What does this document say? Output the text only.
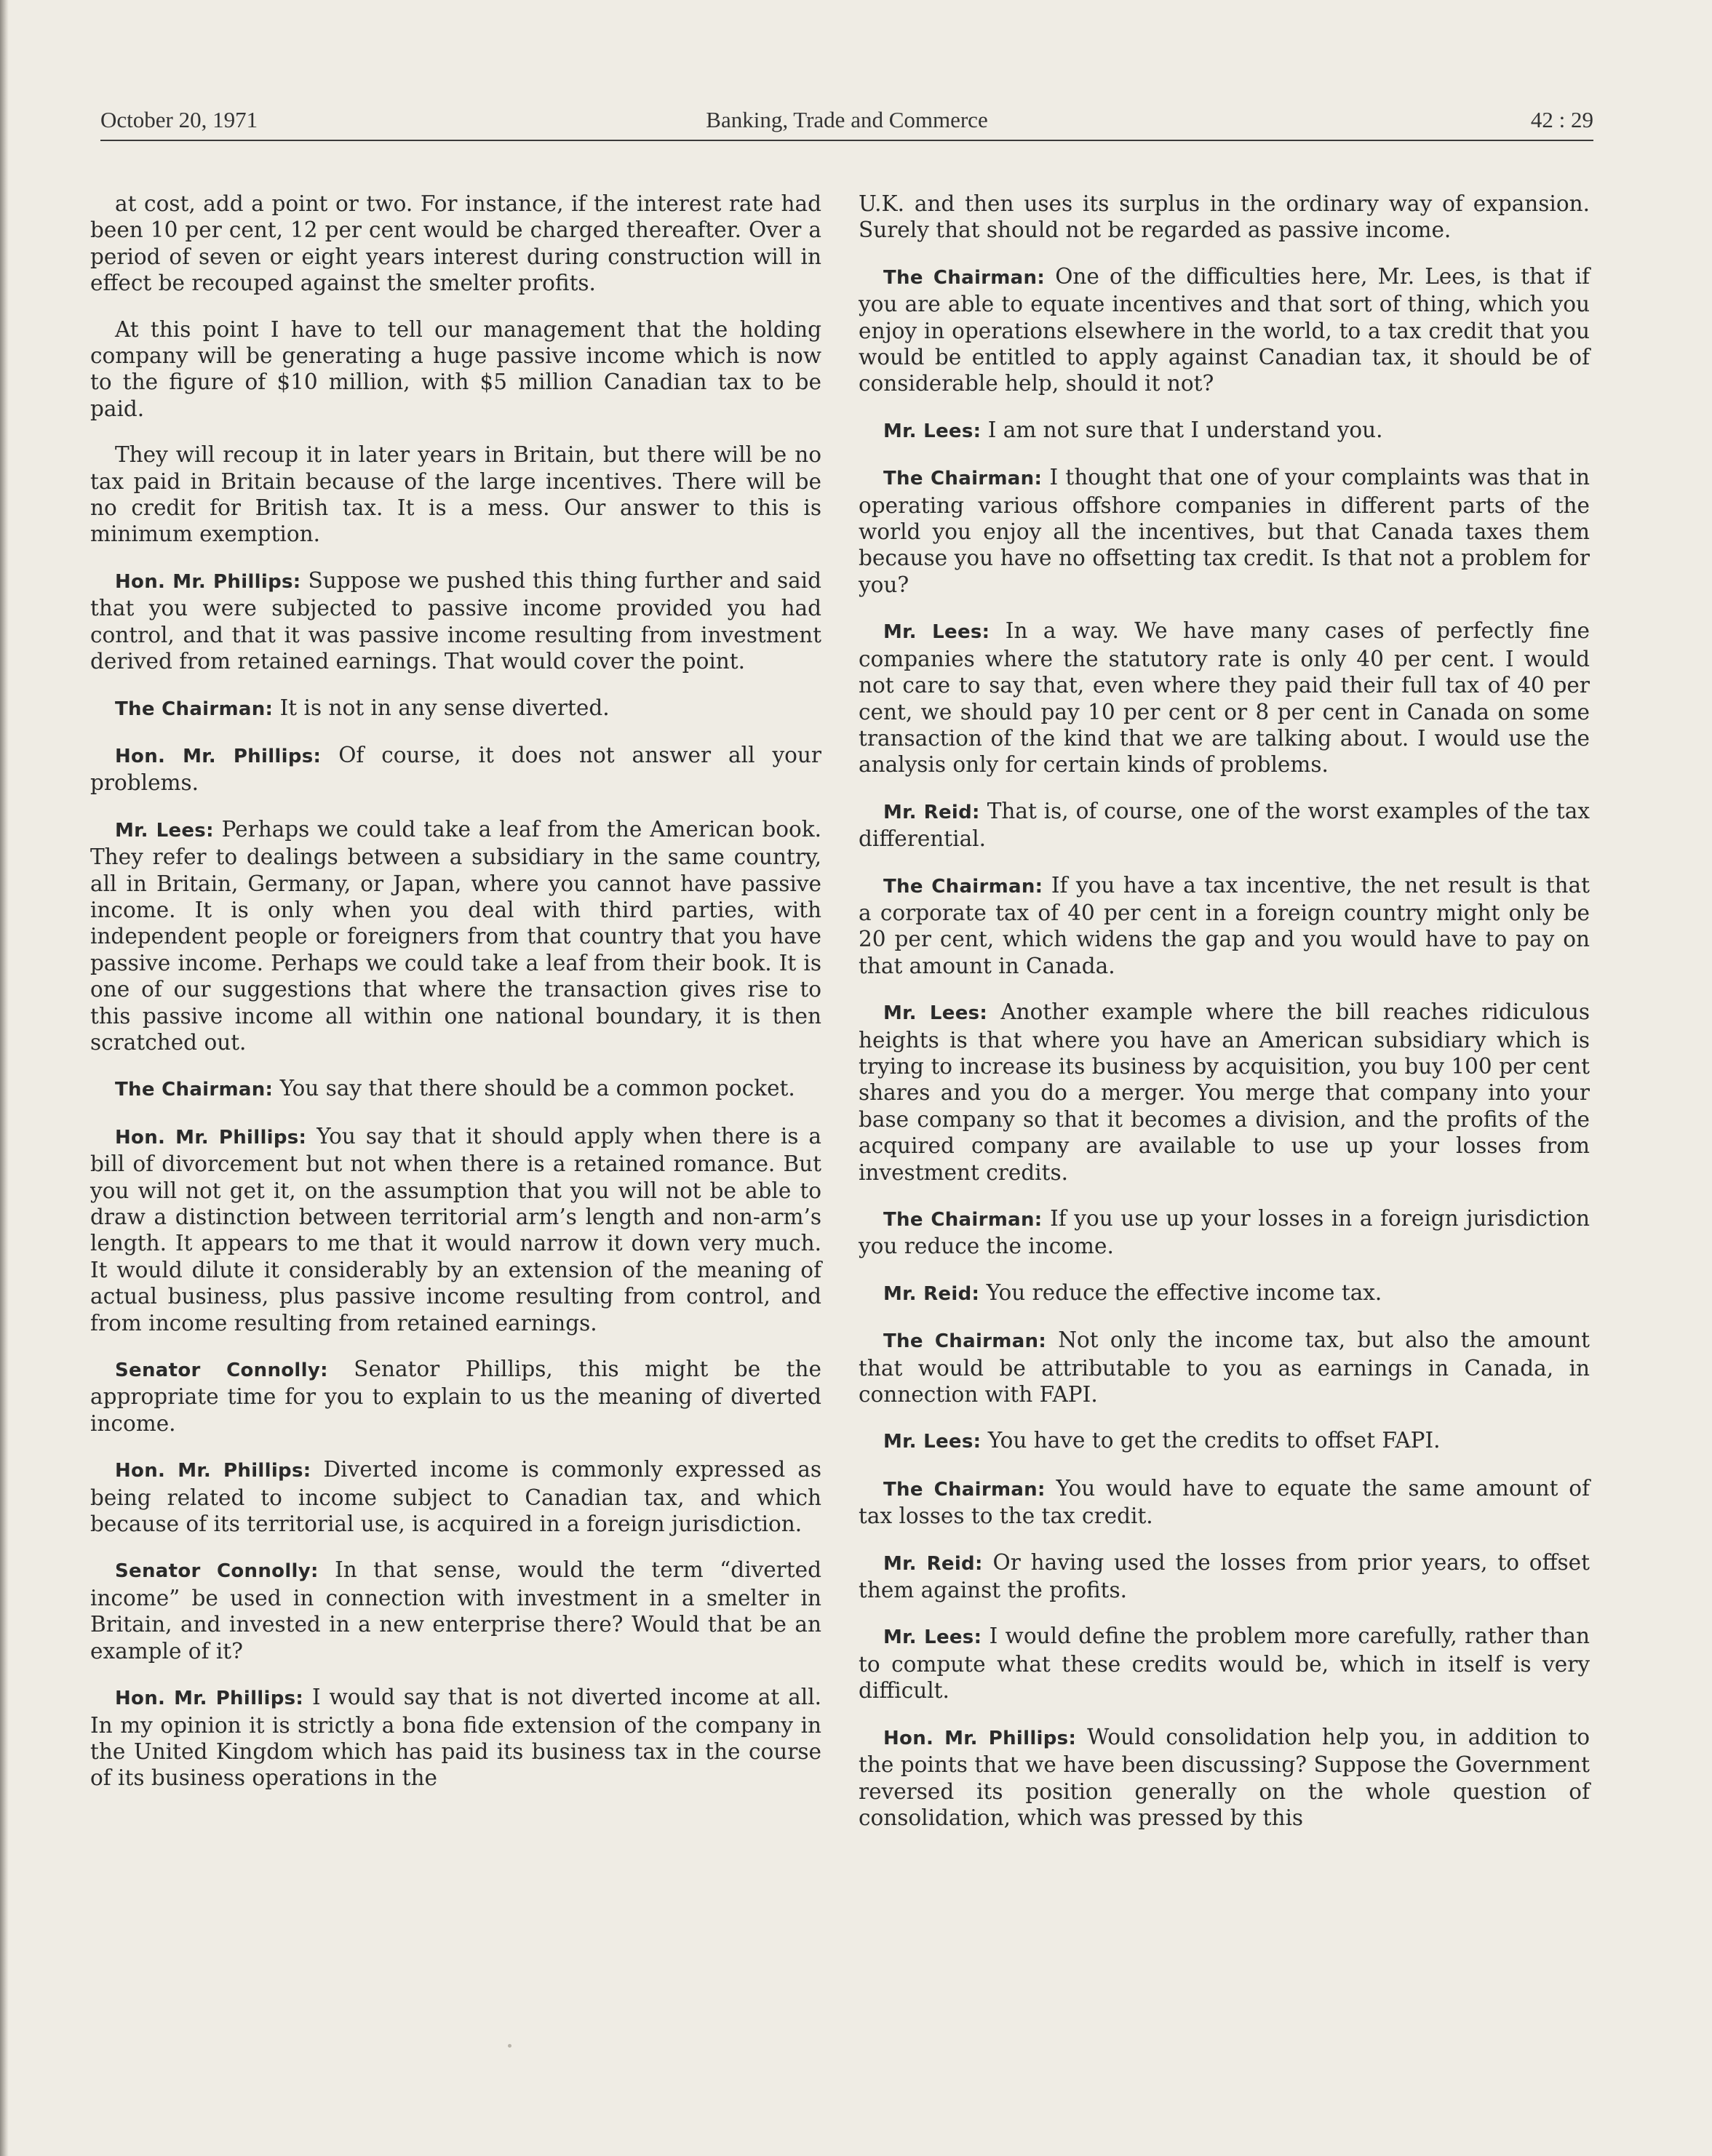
October 20, 1971	Banking, Trade and Commerce	42 : 29

at cost, add a point or two. For instance, if the interest rate had been 10 per cent, 12 per cent would be charged thereafter. Over a period of seven or eight years interest during construction will in effect be recouped against the smelter profits.

At this point I have to tell our management that the holding company will be generating a huge passive income which is now to the figure of $10 million, with $5 million Canadian tax to be paid.

They will recoup it in later years in Britain, but there will be no tax paid in Britain because of the large incentives. There will be no credit for British tax. It is a mess. Our answer to this is minimum exemption.

Hon. Mr. Phillips: Suppose we pushed this thing further and said that you were subjected to passive income provided you had control, and that it was passive income resulting from investment derived from retained earnings. That would cover the point.

The Chairman: It is not in any sense diverted.

Hon. Mr. Phillips: Of course, it does not answer all your problems.

Mr. Lees: Perhaps we could take a leaf from the American book. They refer to dealings between a subsidiary in the same country, all in Britain, Germany, or Japan, where you cannot have passive income. It is only when you deal with third parties, with independent people or foreigners from that country that you have passive income. Perhaps we could take a leaf from their book. It is one of our suggestions that where the transaction gives rise to this passive income all within one national boundary, it is then scratched out.

The Chairman: You say that there should be a common pocket.

Hon. Mr. Phillips: You say that it should apply when there is a bill of divorcement but not when there is a retained romance. But you will not get it, on the assumption that you will not be able to draw a distinction between territorial arm’s length and non-arm’s length. It appears to me that it would narrow it down very much. It would dilute it considerably by an extension of the meaning of actual business, plus passive income resulting from control, and from income resulting from retained earnings.

Senator Connolly: Senator Phillips, this might be the appropriate time for you to explain to us the meaning of diverted income.

Hon. Mr. Phillips: Diverted income is commonly expressed as being related to income subject to Canadian tax, and which because of its territorial use, is acquired in a foreign jurisdiction.

Senator Connolly: In that sense, would the term “diverted income” be used in connection with investment in a smelter in Britain, and invested in a new enterprise there? Would that be an example of it?

Hon. Mr. Phillips: I would say that is not diverted income at all. In my opinion it is strictly a bona fide extension of the company in the United Kingdom which has paid its business tax in the course of its business operations in the

U.K. and then uses its surplus in the ordinary way of expansion. Surely that should not be regarded as passive income.

The Chairman: One of the difficulties here, Mr. Lees, is that if you are able to equate incentives and that sort of thing, which you enjoy in operations elsewhere in the world, to a tax credit that you would be entitled to apply against Canadian tax, it should be of considerable help, should it not?

Mr. Lees: I am not sure that I understand you.

The Chairman: I thought that one of your complaints was that in operating various offshore companies in different parts of the world you enjoy all the incentives, but that Canada taxes them because you have no offsetting tax credit. Is that not a problem for you?

Mr. Lees: In a way. We have many cases of perfectly fine companies where the statutory rate is only 40 per cent. I would not care to say that, even where they paid their full tax of 40 per cent, we should pay 10 per cent or 8 per cent in Canada on some transaction of the kind that we are talking about. I would use the analysis only for certain kinds of problems.

Mr. Reid: That is, of course, one of the worst examples of the tax differential.

The Chairman: If you have a tax incentive, the net result is that a corporate tax of 40 per cent in a foreign country might only be 20 per cent, which widens the gap and you would have to pay on that amount in Canada.

Mr. Lees: Another example where the bill reaches ridiculous heights is that where you have an American subsidiary which is trying to increase its business by acquisition, you buy 100 per cent shares and you do a merger. You merge that company into your base company so that it becomes a division, and the profits of the acquired company are available to use up your losses from investment credits.

The Chairman: If you use up your losses in a foreign jurisdiction you reduce the income.

Mr. Reid: You reduce the effective income tax.

The Chairman: Not only the income tax, but also the amount that would be attributable to you as earnings in Canada, in connection with FAPI.

Mr. Lees: You have to get the credits to offset FAPI.

The Chairman: You would have to equate the same amount of tax losses to the tax credit.

Mr. Reid: Or having used the losses from prior years, to offset them against the profits.

Mr. Lees: I would define the problem more carefully, rather than to compute what these credits would be, which in itself is very difficult.

Hon. Mr. Phillips: Would consolidation help you, in addition to the points that we have been discussing? Suppose the Government reversed its position generally on the whole question of consolidation, which was pressed by this
